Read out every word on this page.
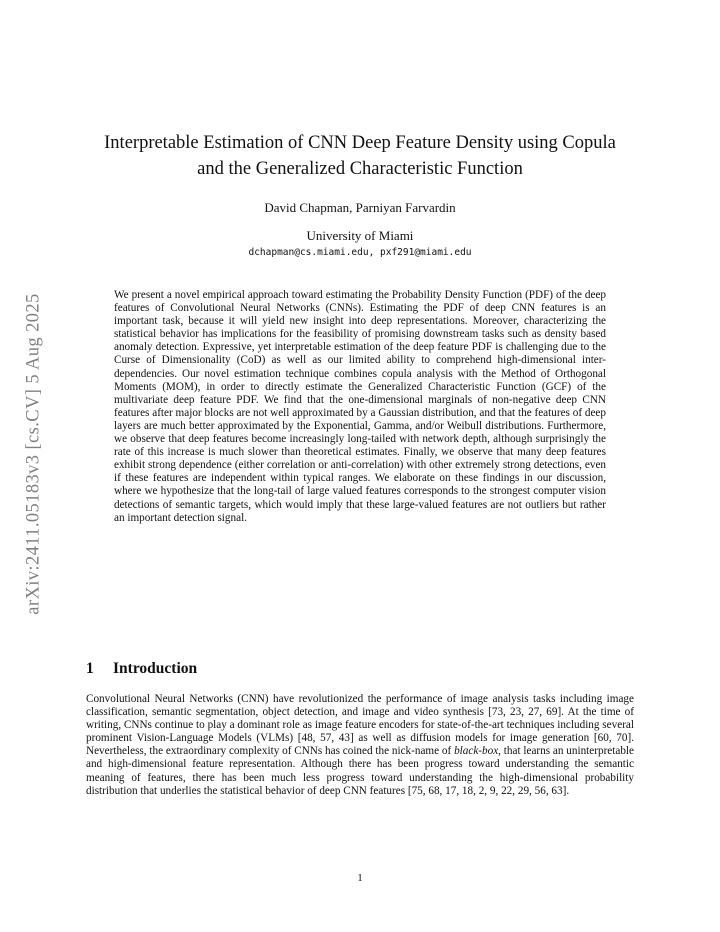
arXiv:2411.05183v3 [cs.CV] 5 Aug 2025
Interpretable Estimation of CNN Deep Feature Density using Copula and the Generalized Characteristic Function
David Chapman, Parniyan Farvardin
University of Miami
dchapman@cs.miami.edu, pxf291@miami.edu

We present a novel empirical approach toward estimating the Probability Density Function (PDF) of the deep features of Convolutional Neural Networks (CNNs). Estimating the PDF of deep CNN features is an important task, because it will yield new insight into deep representations. Moreover, characterizing the statistical behavior has implications for the feasibility of promising downstream tasks such as density based anomaly detection. Expressive, yet interpretable estimation of the deep feature PDF is challenging due to the Curse of Dimensionality (CoD) as well as our limited ability to comprehend high-dimensional inter-dependencies. Our novel estimation technique combines copula analysis with the Method of Orthogonal Moments (MOM), in order to directly estimate the Generalized Characteristic Function (GCF) of the multivariate deep feature PDF. We find that the one-dimensional marginals of non-negative deep CNN features after major blocks are not well approximated by a Gaussian distribution, and that the features of deep layers are much better approximated by the Exponential, Gamma, and/or Weibull distributions. Furthermore, we observe that deep features become increasingly long-tailed with network depth, although surprisingly the rate of this increase is much slower than theoretical estimates. Finally, we observe that many deep features exhibit strong dependence (either correlation or anti-correlation) with other extremely strong detections, even if these features are independent within typical ranges. We elaborate on these findings in our discussion, where we hypothesize that the long-tail of large valued features corresponds to the strongest computer vision detections of semantic targets, which would imply that these large-valued features are not outliers but rather an important detection signal.

1 Introduction

Convolutional Neural Networks (CNN) have revolutionized the performance of image analysis tasks including image classification, semantic segmentation, object detection, and image and video synthesis [73, 23, 27, 69]. At the time of writing, CNNs continue to play a dominant role as image feature encoders for state-of-the-art techniques including several prominent Vision-Language Models (VLMs) [48, 57, 43] as well as diffusion models for image generation [60, 70]. Nevertheless, the extraordinary complexity of CNNs has coined the nick-name of black-box, that learns an uninterpretable and high-dimensional feature representation. Although there has been progress toward understanding the semantic meaning of features, there has been much less progress toward understanding the high-dimensional probability distribution that underlies the statistical behavior of deep CNN features [75, 68, 17, 18, 2, 9, 22, 29, 56, 63].

1
